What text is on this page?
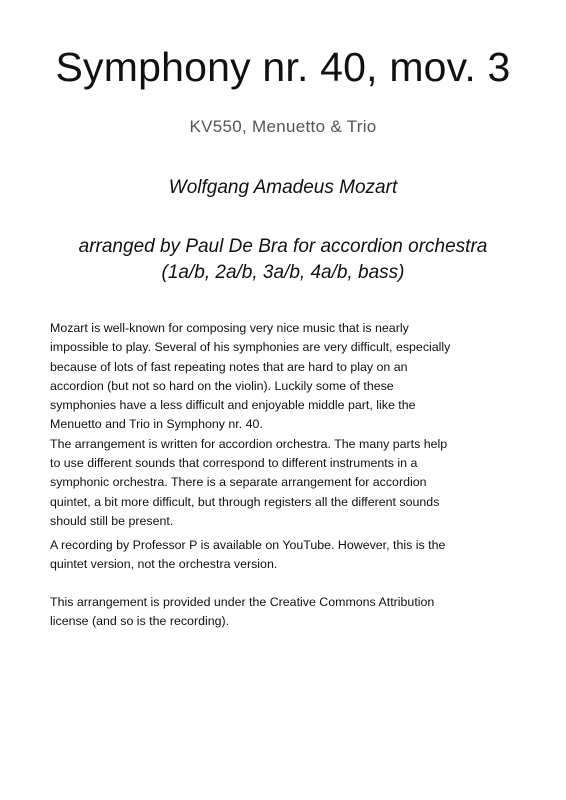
Symphony nr. 40, mov. 3
KV550, Menuetto & Trio
Wolfgang Amadeus Mozart
arranged by Paul De Bra for accordion orchestra
(1a/b, 2a/b, 3a/b, 4a/b, bass)
Mozart is well-known for composing very nice music that is nearly
impossible to play. Several of his symphonies are very difficult, especially
because of lots of fast repeating notes that are hard to play on an
accordion (but not so hard on the violin). Luckily some of these
symphonies have a less difficult and enjoyable middle part, like the
Menuetto and Trio in Symphony nr. 40.
The arrangement is written for accordion orchestra. The many parts help
to use different sounds that correspond to different instruments in a
symphonic orchestra. There is a separate arrangement for accordion
quintet, a bit more difficult, but through registers all the different sounds
should still be present.
A recording by Professor P is available on YouTube. However, this is the
quintet version, not the orchestra version.
This arrangement is provided under the Creative Commons Attribution
license (and so is the recording).
